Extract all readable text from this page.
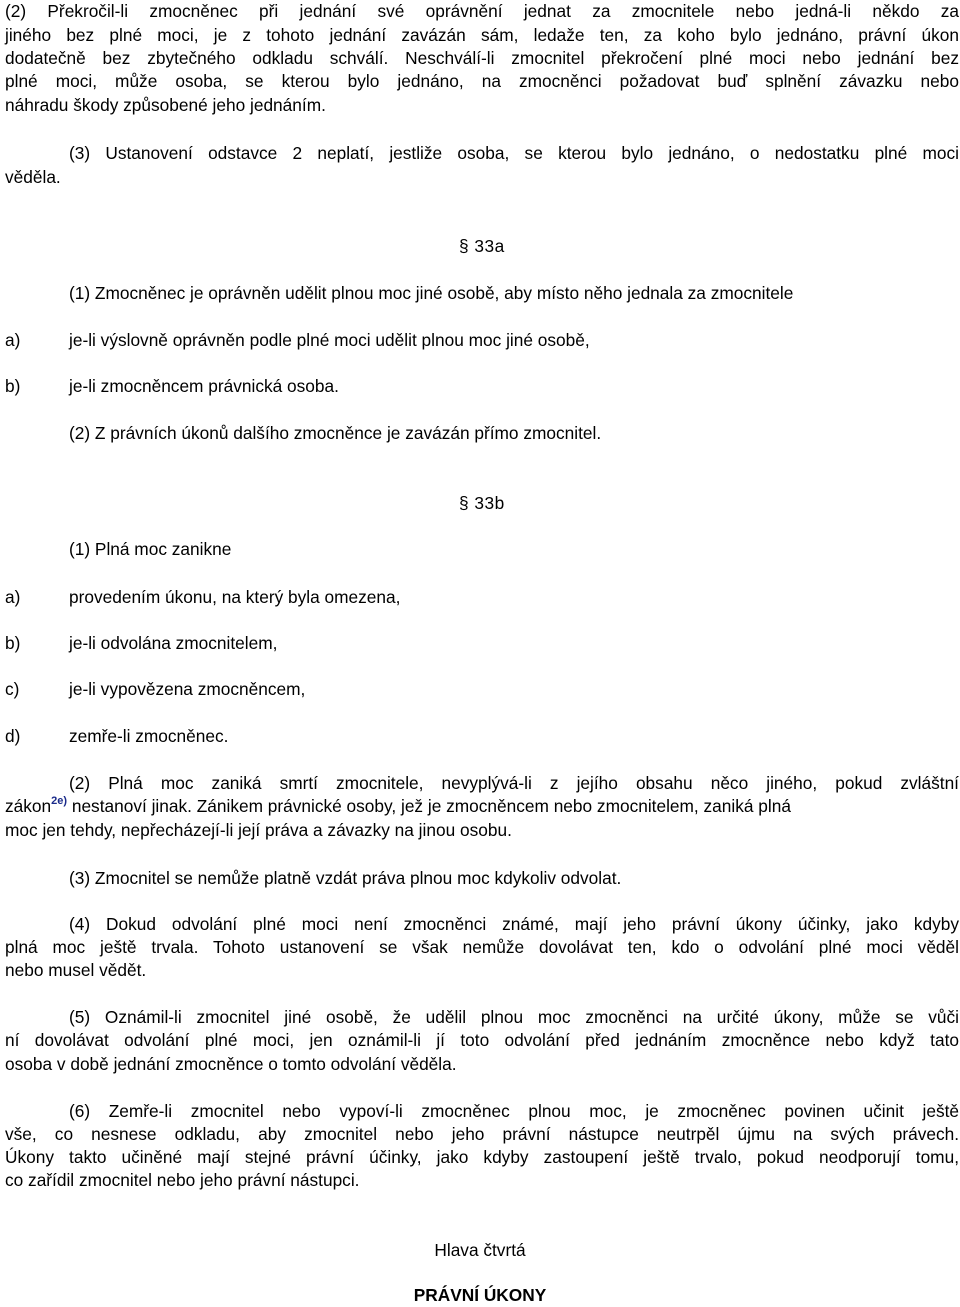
(2) Překročil-li zmocněnec při jednání své oprávnění jednat za zmocnitele nebo jedná-li někdo za
jiného bez plné moci, je z tohoto jednání zavázán sám, ledaže ten, za koho bylo jednáno, právní úkon
dodatečně bez zbytečného odkladu schválí. Neschválí-li zmocnitel překročení plné moci nebo jednání bez
plné moci, může osoba, se kterou bylo jednáno, na zmocněnci požadovat buď splnění závazku nebo
náhradu škody způsobené jeho jednáním.
(3) Ustanovení odstavce 2 neplatí, jestliže osoba, se kterou bylo jednáno, o nedostatku plné moci
věděla.
§ 33a
(1) Zmocněnec je oprávněn udělit plnou moc jiné osobě, aby místo něho jednala za zmocnitele
a)	je-li výslovně oprávněn podle plné moci udělit plnou moc jiné osobě,
b)	je-li zmocněncem právnická osoba.
(2) Z právních úkonů dalšího zmocněnce je zavázán přímo zmocnitel.
§ 33b
(1) Plná moc zanikne
a)	provedením úkonu, na který byla omezena,
b)	je-li odvolána zmocnitelem,
c)	je-li vypovězena zmocněncem,
d)	zemře-li zmocněnec.
(2) Plná moc zaniká smrtí zmocnitele, nevyplývá-li z jejího obsahu něco jiného, pokud zvláštní
zákon$^{2e)}$ nestanoví jinak. Zánikem právnické osoby, jež je zmocněncem nebo zmocnitelem, zaniká plná
moc jen tehdy, nepřecházejí-li její práva a závazky na jinou osobu.
(3) Zmocnitel se nemůže platně vzdát práva plnou moc kdykoliv odvolat.
(4) Dokud odvolání plné moci není zmocněnci známé, mají jeho právní úkony účinky, jako kdyby
plná moc ještě trvala. Tohoto ustanovení se však nemůže dovolávat ten, kdo o odvolání plné moci věděl
nebo musel vědět.
(5) Oznámil-li zmocnitel jiné osobě, že udělil plnou moc zmocněnci na určité úkony, může se vůči
ní dovolávat odvolání plné moci, jen oznámil-li jí toto odvolání před jednáním zmocněnce nebo když tato
osoba v době jednání zmocněnce o tomto odvolání věděla.
(6) Zemře-li zmocnitel nebo vypoví-li zmocněnec plnou moc, je zmocněnec povinen učinit ještě
vše, co nesnese odkladu, aby zmocnitel nebo jeho právní nástupce neutrpěl újmu na svých právech.
Úkony takto učiněné mají stejné právní účinky, jako kdyby zastoupení ještě trvalo, pokud neodporují tomu,
co zařídil zmocnitel nebo jeho právní nástupci.
Hlava čtvrtá
PRÁVNÍ ÚKONY
